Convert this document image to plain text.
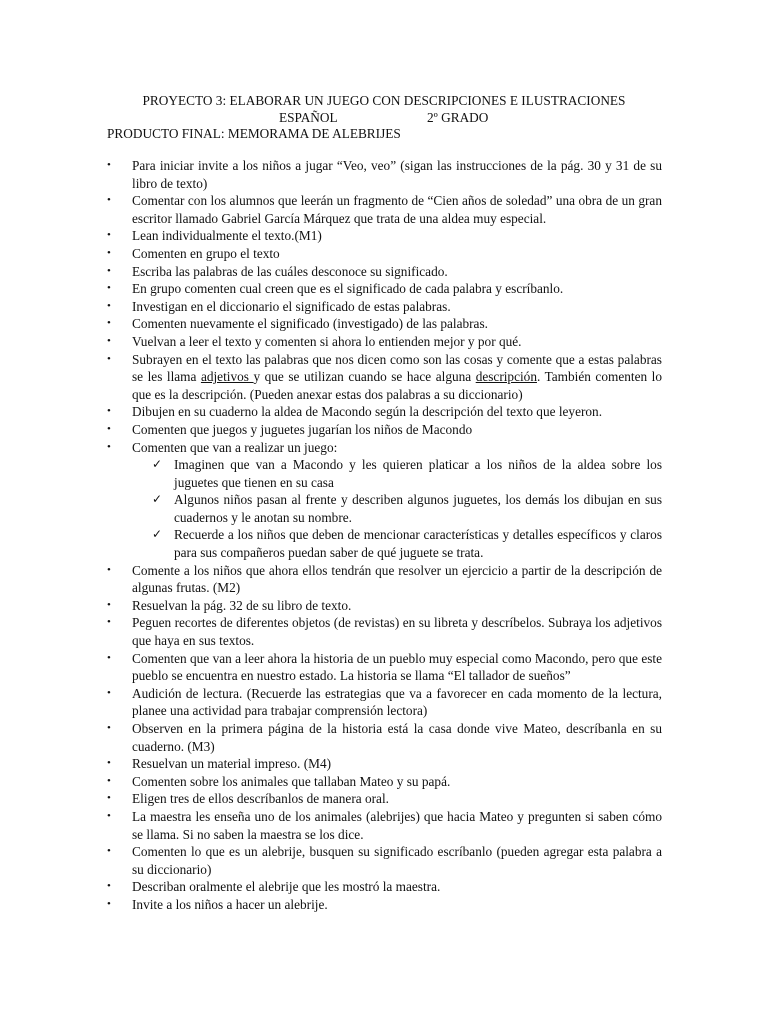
PROYECTO 3: ELABORAR UN JUEGO CON DESCRIPCIONES E ILUSTRACIONES
ESPAÑOL	2º GRADO
PRODUCTO FINAL: MEMORAMA DE ALEBRIJES
• Para iniciar invite a los niños a jugar “Veo, veo” (sigan las instrucciones de la pág. 30 y 31 de su libro de texto)
• Comentar con los alumnos que leerán un fragmento de “Cien años de soledad” una obra de un gran escritor llamado Gabriel García Márquez que trata de una aldea muy especial.
• Lean individualmente el texto.(M1)
• Comenten en grupo el texto
• Escriba las palabras de las cuáles desconoce su significado.
• En grupo comenten cual creen que es el significado de cada palabra y escríbanlo.
• Investigan en el diccionario el significado de estas palabras.
• Comenten nuevamente el significado (investigado) de las palabras.
• Vuelvan a leer el texto y comenten si ahora lo entienden mejor y por qué.
• Subrayen en el texto las palabras que nos dicen como son las cosas y comente que a estas palabras se les llama adjetivos y que se utilizan cuando se hace alguna descripción. También comenten lo que es la descripción. (Pueden anexar estas dos palabras a su diccionario)
• Dibujen en su cuaderno la aldea de Macondo según la descripción del texto que leyeron.
• Comenten que juegos y juguetes jugarían los niños de Macondo
• Comenten que van a realizar un juego:
✓ Imaginen que van a Macondo y les quieren platicar a los niños de la aldea sobre los juguetes que tienen en su casa
✓ Algunos niños pasan al frente y describen algunos juguetes, los demás los dibujan en sus cuadernos y le anotan su nombre.
✓ Recuerde a los niños que deben de mencionar características y detalles específicos y claros para sus compañeros puedan saber de qué juguete se trata.
• Comente a los niños que ahora ellos tendrán que resolver un ejercicio a partir de la descripción de algunas frutas. (M2)
• Resuelvan la pág. 32 de su libro de texto.
• Peguen recortes de diferentes objetos (de revistas) en su libreta y descríbelos. Subraya los adjetivos que haya en sus textos.
• Comenten que van a leer ahora la historia de un pueblo muy especial como Macondo, pero que este pueblo se encuentra en nuestro estado. La historia se llama “El tallador de sueños”
• Audición de lectura. (Recuerde las estrategias que va a favorecer en cada momento de la lectura, planee una actividad para trabajar comprensión lectora)
• Observen en la primera página de la historia está la casa donde vive Mateo, descríbanla en su cuaderno. (M3)
• Resuelvan un material impreso. (M4)
• Comenten sobre los animales que tallaban Mateo y su papá.
• Eligen tres de ellos descríbanlos de manera oral.
• La maestra les enseña uno de los animales (alebrijes) que hacia Mateo y pregunten si saben cómo se llama. Si no saben la maestra se los dice.
• Comenten lo que es un alebrije, busquen su significado escríbanlo (pueden agregar esta palabra a su diccionario)
• Describan oralmente el alebrije que les mostró la maestra.
• Invite a los niños a hacer un alebrije.
